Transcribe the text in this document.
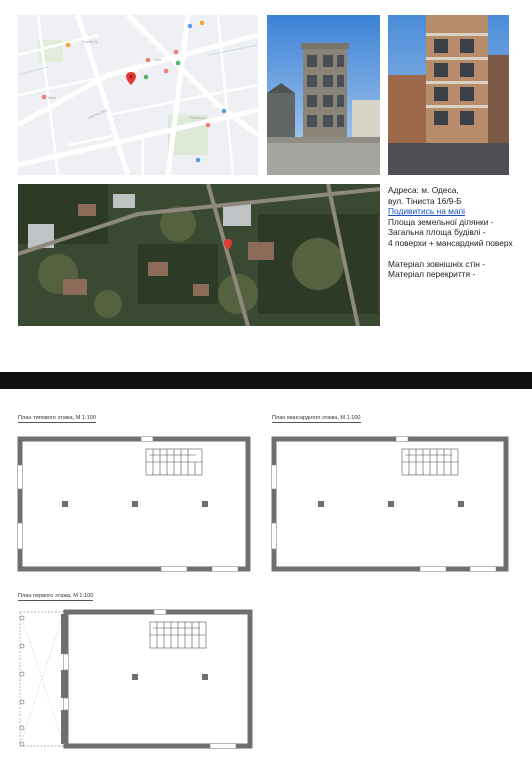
Tinysta St
Cafe
Shop
Pharmacy
Lidersky Blvd
Адреса: м. Одеса,
вул. Тіниста 16/9-Б
Подивитись на мапі
Площа земельної ділянки -
Загальна площа будівлі -
4 поверхи + мансардний поверх
Матеріал зовнішніх стін -
Матеріал перекриття -
План типового этажа, М 1:100	План мансардного этажа, М 1:100
План первого этажа, М 1:100
